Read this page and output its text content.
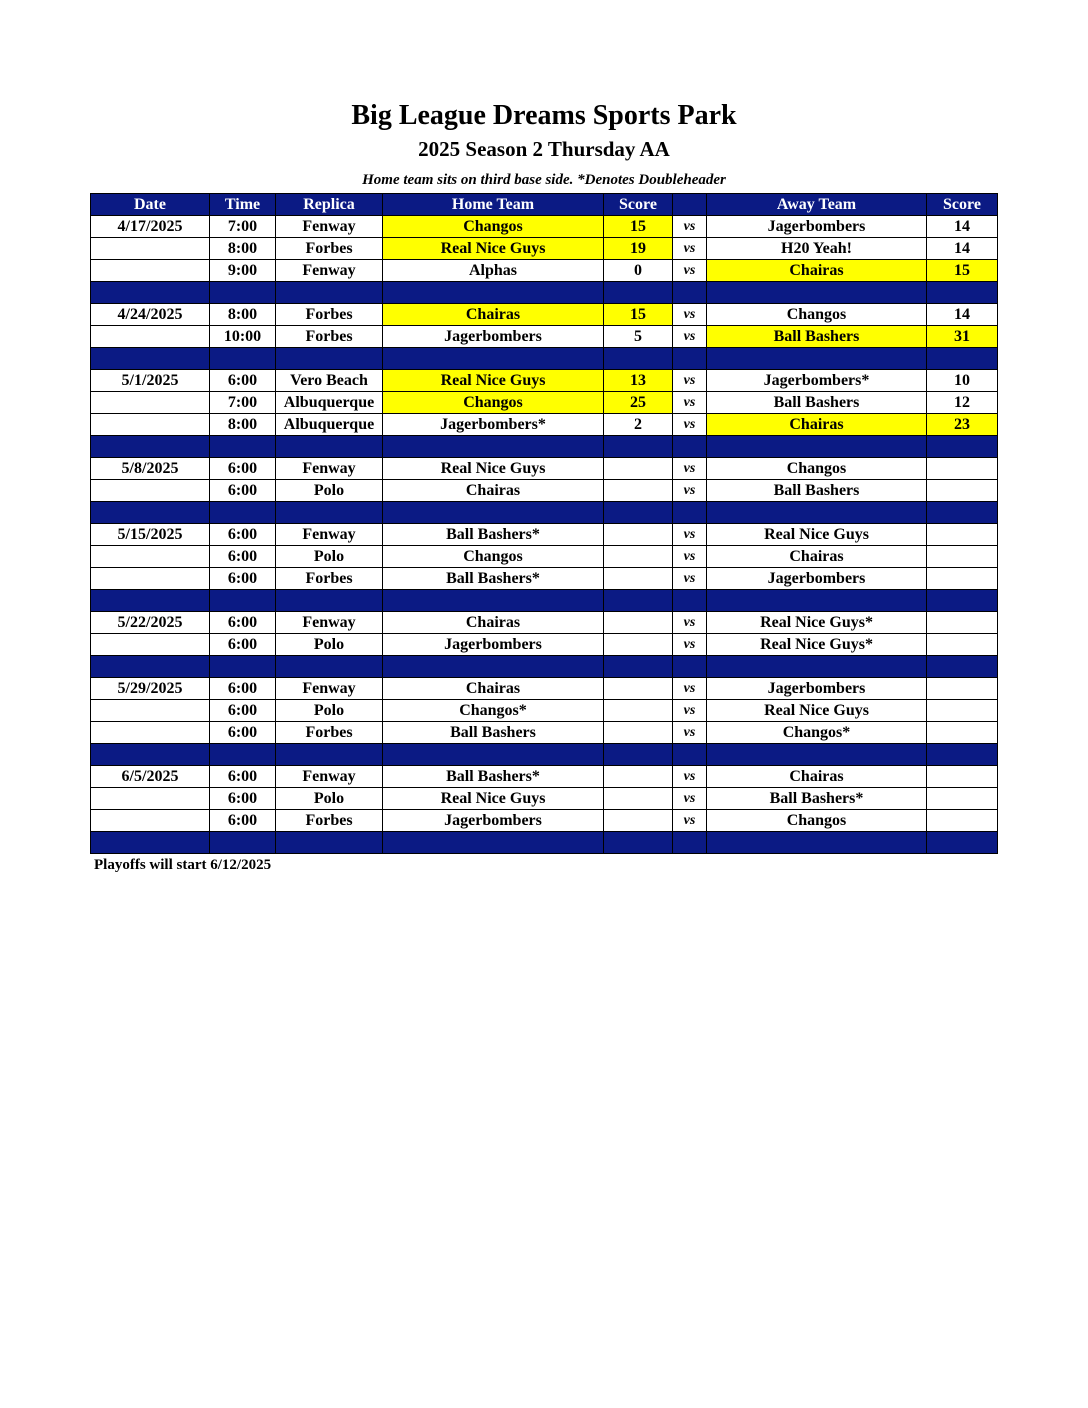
Big League Dreams Sports Park
2025 Season 2 Thursday AA
Home team sits on third base side. *Denotes Doubleheader
Date	Time	Replica	Home Team	Score		Away Team	Score
4/17/2025	7:00	Fenway	Changos	15	vs	Jagerbombers	14
	8:00	Forbes	Real Nice Guys	19	vs	H20 Yeah!	14
	9:00	Fenway	Alphas	0	vs	Chairas	15

4/24/2025	8:00	Forbes	Chairas	15	vs	Changos	14
	10:00	Forbes	Jagerbombers	5	vs	Ball Bashers	31

5/1/2025	6:00	Vero Beach	Real Nice Guys	13	vs	Jagerbombers*	10
	7:00	Albuquerque	Changos	25	vs	Ball Bashers	12
	8:00	Albuquerque	Jagerbombers*	2	vs	Chairas	23

5/8/2025	6:00	Fenway	Real Nice Guys		vs	Changos	
	6:00	Polo	Chairas		vs	Ball Bashers	

5/15/2025	6:00	Fenway	Ball Bashers*		vs	Real Nice Guys	
	6:00	Polo	Changos		vs	Chairas	
	6:00	Forbes	Ball Bashers*		vs	Jagerbombers	

5/22/2025	6:00	Fenway	Chairas		vs	Real Nice Guys*	
	6:00	Polo	Jagerbombers		vs	Real Nice Guys*	

5/29/2025	6:00	Fenway	Chairas		vs	Jagerbombers	
	6:00	Polo	Changos*		vs	Real Nice Guys	
	6:00	Forbes	Ball Bashers		vs	Changos*	

6/5/2025	6:00	Fenway	Ball Bashers*		vs	Chairas	
	6:00	Polo	Real Nice Guys		vs	Ball Bashers*	
	6:00	Forbes	Jagerbombers		vs	Changos	

Playoffs will start 6/12/2025
